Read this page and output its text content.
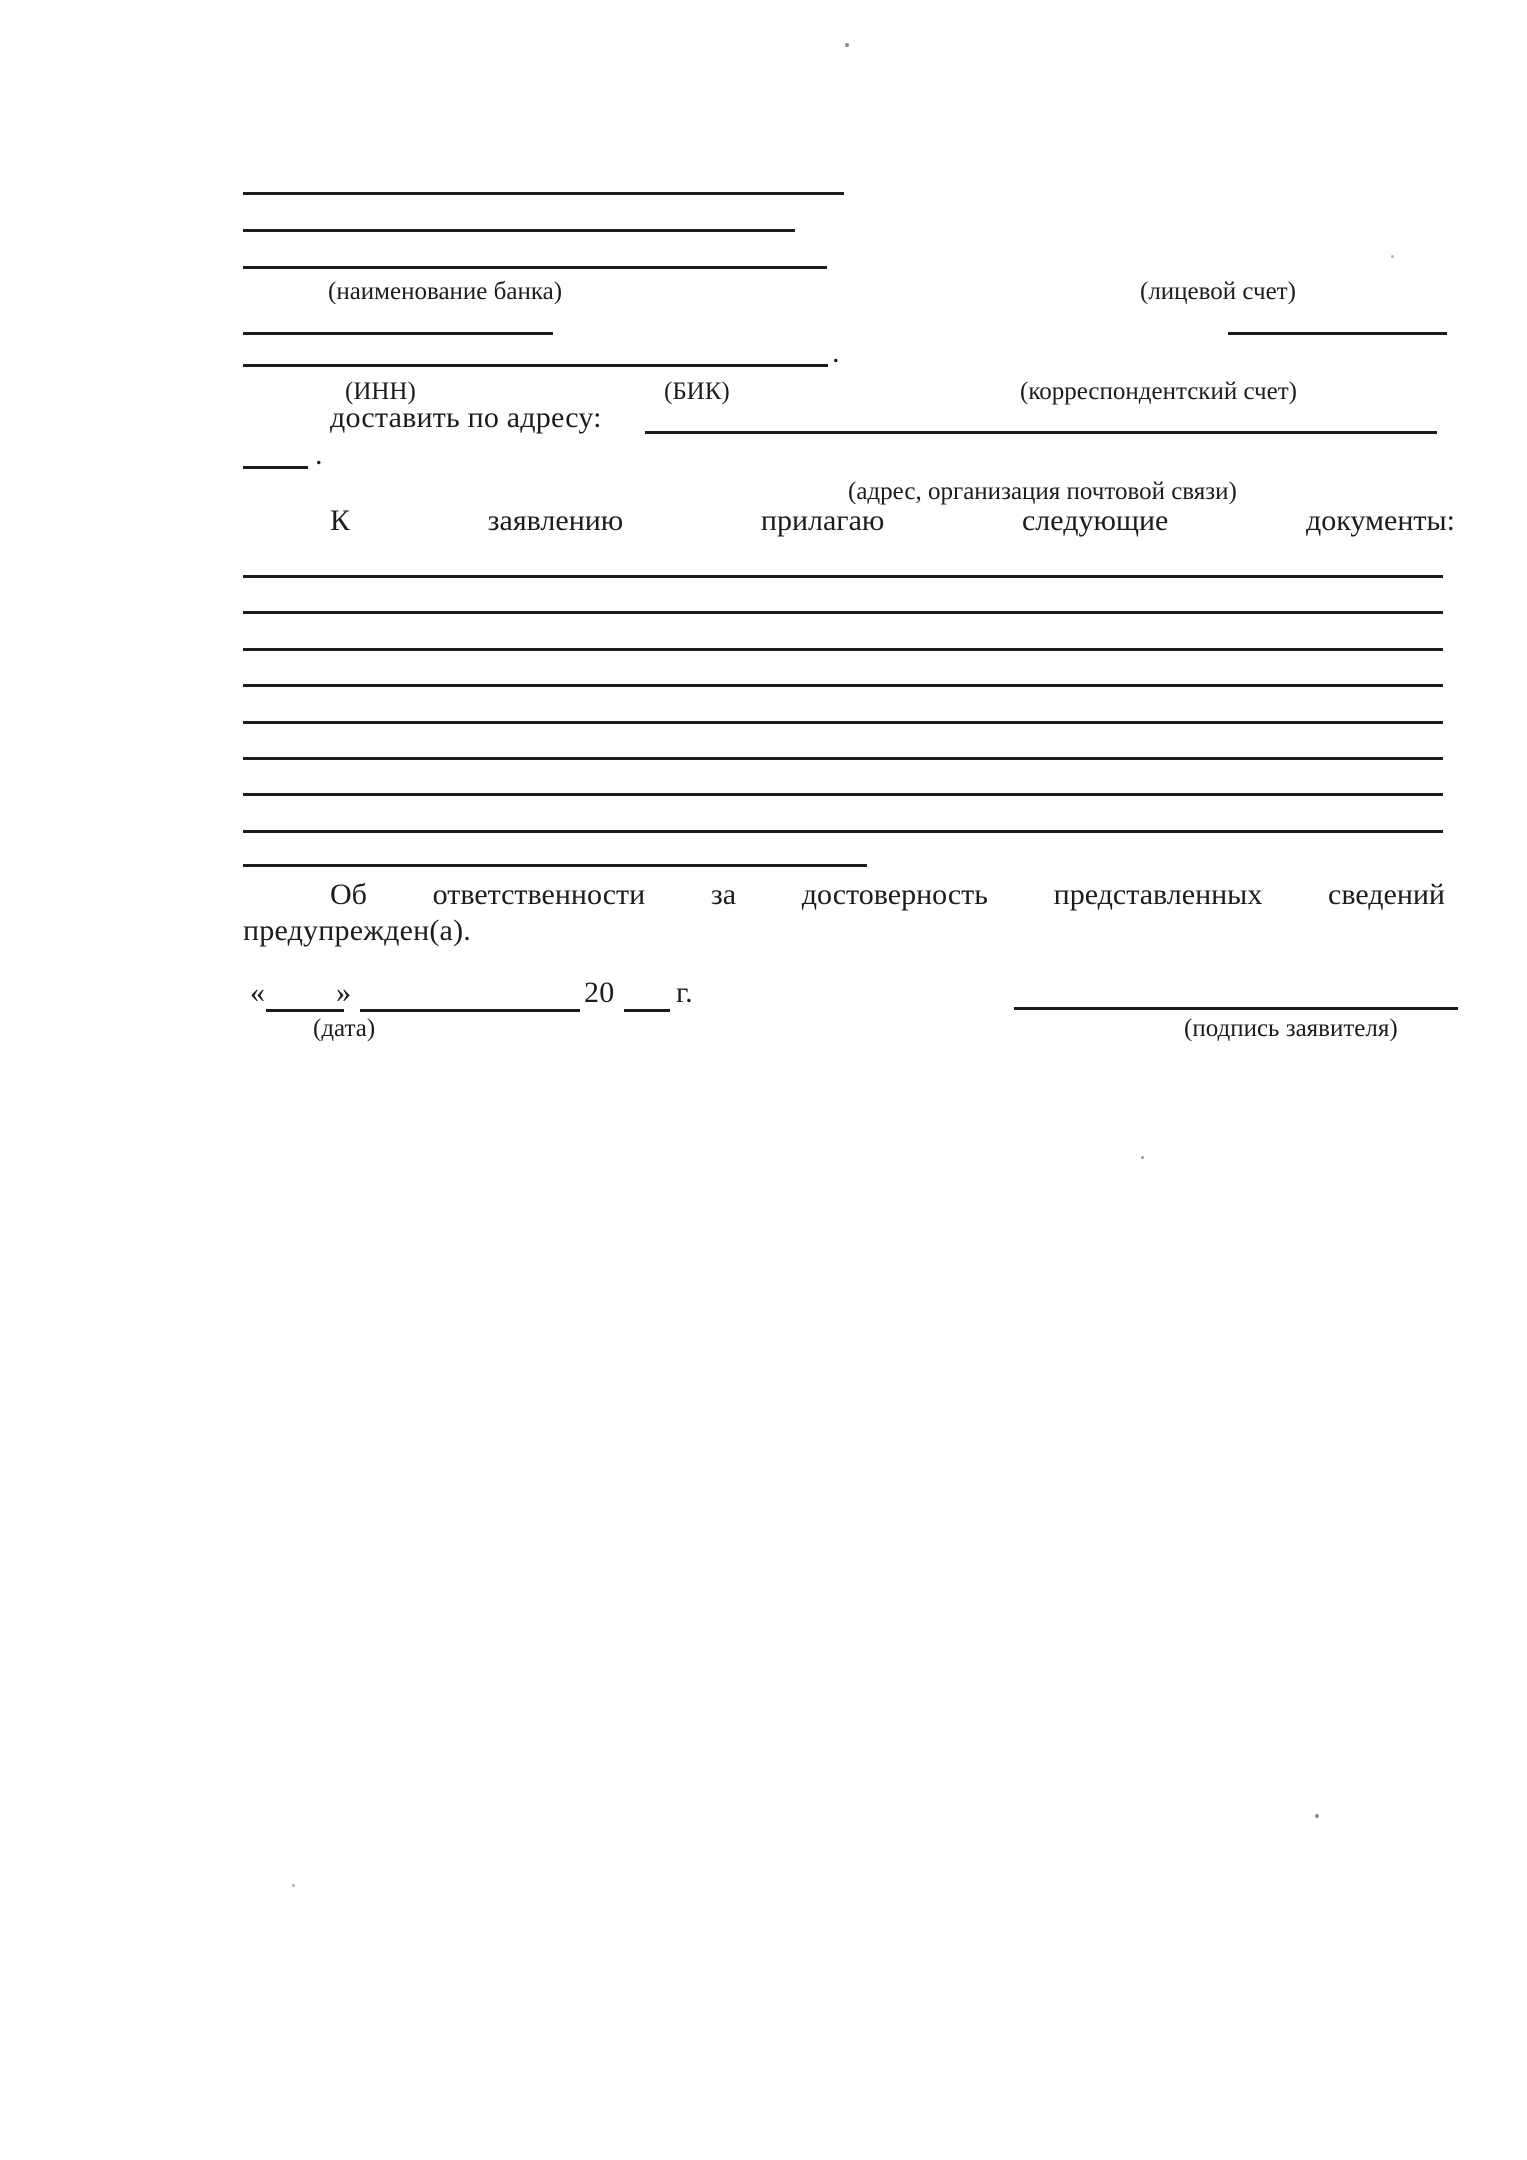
(наименование банка)	(лицевой счет)
.
(ИНН)	(БИК)	(корреспондентский счет)
доставить по адресу:
.
(адрес, организация почтовой связи)
К заявлению прилагаю следующие документы:
Об ответственности за достоверность представленных сведений
предупрежден(а).
« »	20 г.
(дата)	(подпись заявителя)
